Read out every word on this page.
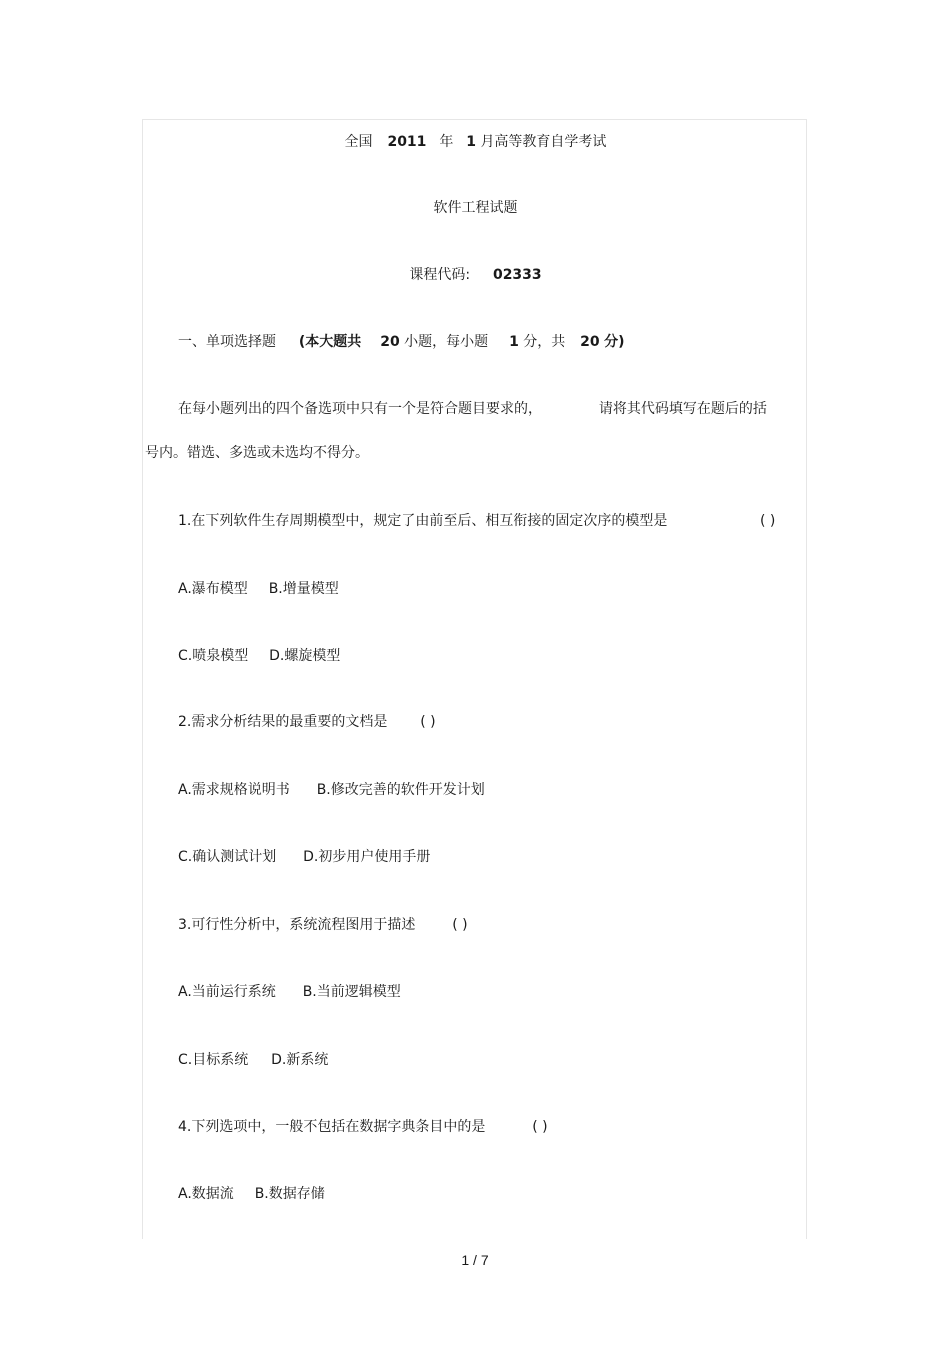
全国 2011 年 1 月高等教育自学考试
软件工程试题
课程代码: 02333
一、单项选择题 (本大题共 20 小题，每小题 1 分，共 20 分)
在每小题列出的四个备选项中只有一个是符合题目要求的，	请将其代码填写在题后的括
号内。错选、多选或未选均不得分。
1.在下列软件生存周期模型中，规定了由前至后、相互衔接的固定次序的模型是	( )
A.瀑布模型 B.增量模型
C.喷泉模型 D.螺旋模型
2.需求分析结果的最重要的文档是 ( )
A.需求规格说明书 B.修改完善的软件开发计划
C.确认测试计划 D.初步用户使用手册
3.可行性分析中，系统流程图用于描述	( )
A.当前运行系统 B.当前逻辑模型
C.目标系统 D.新系统
4.下列选项中，一般不包括在数据字典条目中的是	( )
A.数据流 B.数据存储
1 / 7
